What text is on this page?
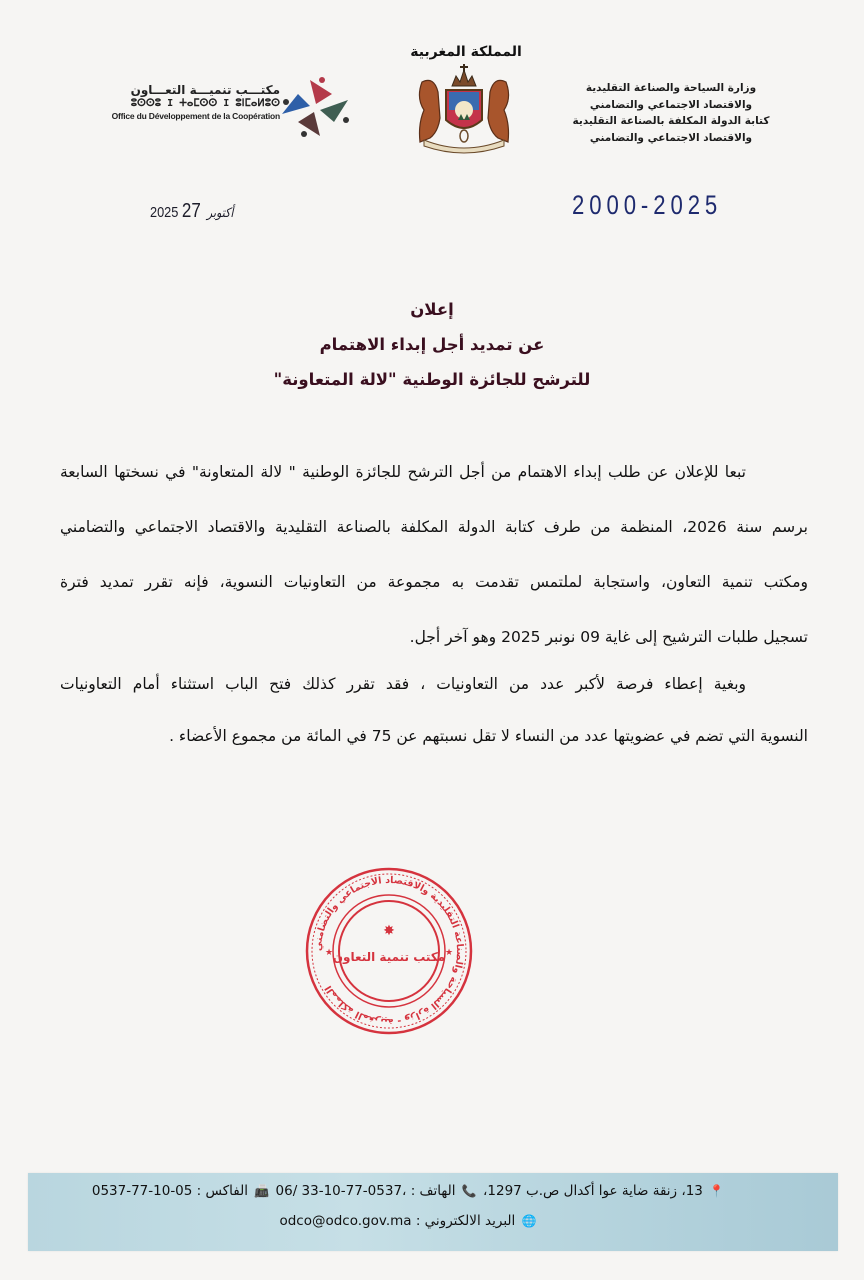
مكتـــب تنميـــة التعـــاون
ⵓⵙⵙⵓ I ⵜⴰⵎⵙⵙ I ⵓⵏⵎⴰⵍⵓⵙ
Office du Développement de la Coopération
المملكة المغربية
وزارة السياحة والصناعة التقليدية
والاقتصاد الاجتماعي والتضامني
كتابة الدولة المكلفة بالصناعة التقليدية
والاقتصاد الاجتماعي والتضامني
2025 أكتوبر 27	2000-2025
إعلان
عن تمديد أجل إبداء الاهتمام
للترشح للجائزة الوطنية "لالة المتعاونة"
تبعا للإعلان عن طلب إبداء الاهتمام من أجل الترشح للجائزة الوطنية " لالة المتعاونة" في نسختها السابعة
برسم سنة 2026، المنظمة من طرف كتابة الدولة المكلفة بالصناعة التقليدية والاقتصاد الاجتماعي والتضامني
ومكتب تنمية التعاون، واستجابة لملتمس تقدمت به مجموعة من التعاونيات النسوية، فإنه تقرر تمديد فترة
تسجيل طلبات الترشيح إلى غاية 09 نونبر 2025 وهو آخر أجل.
وبغية إعطاء فرصة لأكبر عدد من التعاونيات ، فقد تقرر كذلك فتح الباب استثناء أمام التعاونيات
النسوية التي تضم في عضويتها عدد من النساء لا تقل نسبتهم عن 75 في المائة من مجموع الأعضاء .
المملكة المغربية - وزارة السياحة والصناعة التقليدية والاقتصاد الاجتماعي والتضامني
✸
مكتب تنمية التعاون
★	★
📍 13، زنقة ضاية عوا أكدال ص.ب 1297، 📞 الهاتف : 06/ 33-10-77-0537، 📠 الفاكس : 0537-77-10-05
🌐 البريد الالكتروني : odco@odco.gov.ma
